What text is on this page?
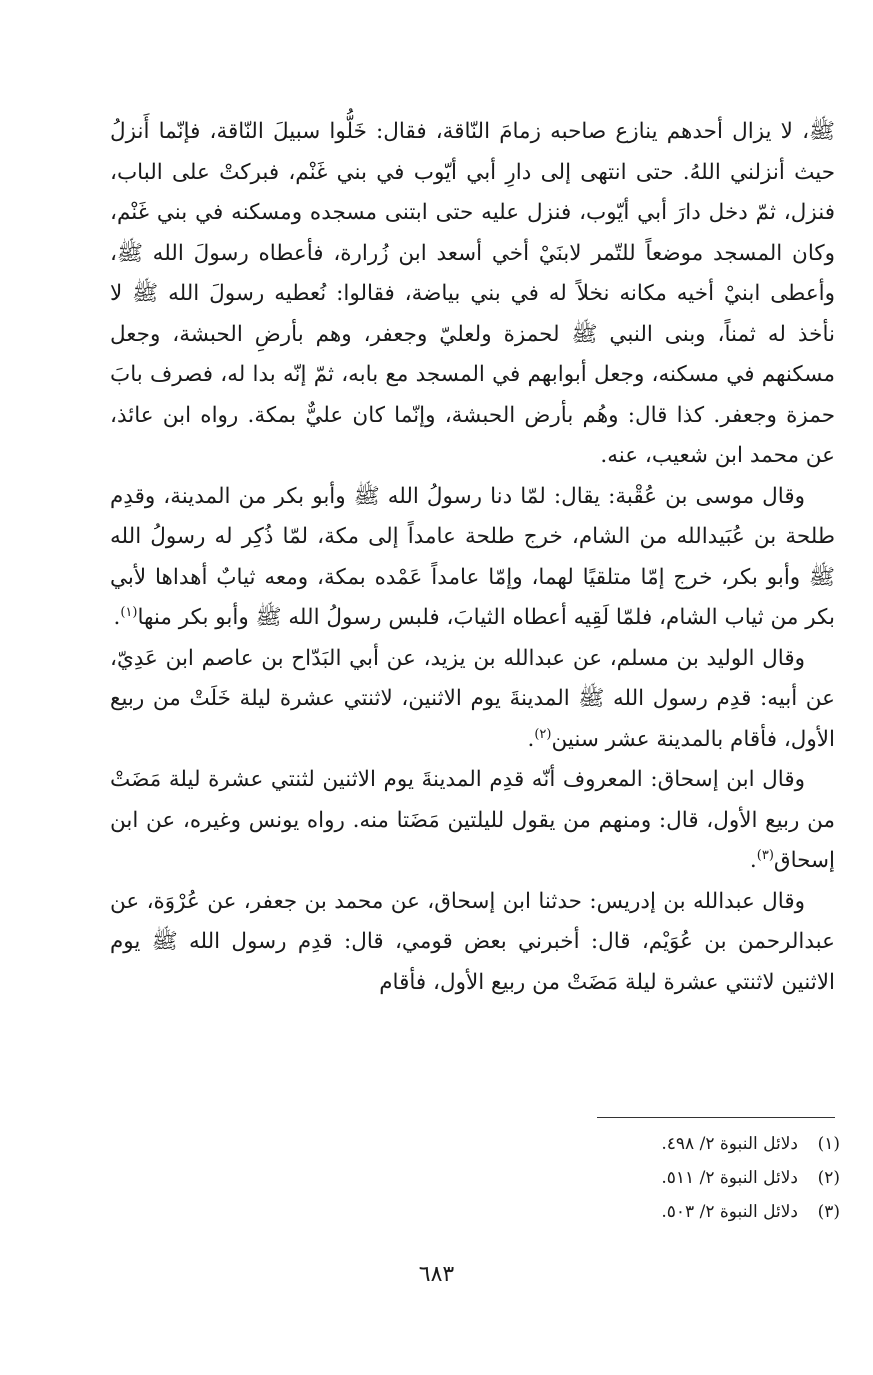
ﷺ، لا يزال أحدهم ينازع صاحبه زمامَ النّاقة، فقال: خَلُّوا سبيلَ النّاقة، فإنّما أَنزلُ حيث أنزلني اللهُ. حتى انتهى إلى دارِ أبي أيّوب في بني غَنْم، فبركتْ على الباب، فنزل، ثمّ دخل دارَ أبي أيّوب، فنزل عليه حتى ابتنى مسجده ومسكنه في بني غَنْم، وكان المسجد موضعاً للتّمر لابنَيْ أخي أسعد ابن زُرارة، فأعطاه رسولَ الله ﷺ، وأعطى ابنيْ أخيه مكانه نخلاً له في بني بياضة، فقالوا: نُعطيه رسولَ الله ﷺ لا نأخذ له ثمناً، وبنى النبي ﷺ لحمزة ولعليّ وجعفر، وهم بأرضِ الحبشة، وجعل مسكنهم في مسكنه، وجعل أبوابهم في المسجد مع بابه، ثمّ إنّه بدا له، فصرف بابَ حمزة وجعفر. كذا قال: وهُم بأرض الحبشة، وإنّما كان عليٌّ بمكة. رواه ابن عائذ، عن محمد ابن شعيب، عنه.

وقال موسى بن عُقْبة: يقال: لمّا دنا رسولُ الله ﷺ وأبو بكر من المدينة، وقدِم طلحة بن عُبَيدالله من الشام، خرج طلحة عامداً إلى مكة، لمّا ذُكِر له رسولُ الله ﷺ وأبو بكر، خرج إمّا متلقيًا لهما، وإمّا عامداً عَمْده بمكة، ومعه ثيابٌ أهداها لأبي بكر من ثياب الشام، فلمّا لَقِيه أعطاه الثيابَ، فلبس رسولُ الله ﷺ وأبو بكر منها$^{(١)}$.

وقال الوليد بن مسلم، عن عبدالله بن يزيد، عن أبي البَدّاح بن عاصم ابن عَدِيّ، عن أبيه: قدِم رسول الله ﷺ المدينةَ يوم الاثنين، لاثنتي عشرة ليلة خَلَتْ من ربيع الأول، فأقام بالمدينة عشر سنين$^{(٢)}$.

وقال ابن إسحاق: المعروف أنّه قدِم المدينةَ يوم الاثنين لثنتي عشرة ليلة مَضَتْ من ربيع الأول، قال: ومنهم من يقول لليلتين مَضَتا منه. رواه يونس وغيره، عن ابن إسحاق$^{(٣)}$.

وقال عبدالله بن إدريس: حدثنا ابن إسحاق، عن محمد بن جعفر، عن عُرْوَة، عن عبدالرحمن بن عُوَيْم، قال: أخبرني بعض قومي، قال: قدِم رسول الله ﷺ يوم الاثنين لاثنتي عشرة ليلة مَضَتْ من ربيع الأول، فأقام

(١)دلائل النبوة ٢/ ٤٩٨.
(٢)دلائل النبوة ٢/ ٥١١.
(٣)دلائل النبوة ٢/ ٥٠٣.
٦٨٣
